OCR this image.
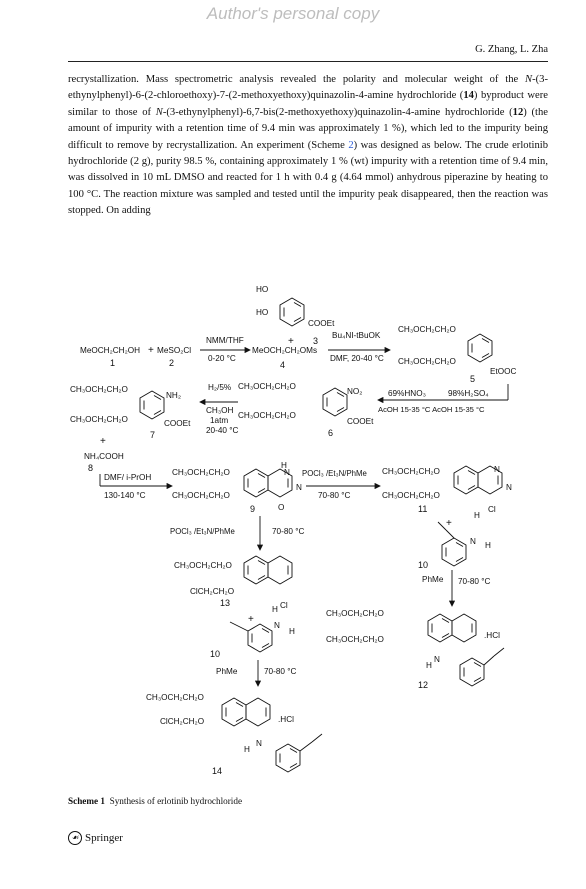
Author's personal copy
G. Zhang, L. Zha

recrystallization. Mass spectrometric analysis revealed the polarity and molecular weight of the N-(3-ethynylphenyl)-6-(2-chloroethoxy)-7-(2-methoxyethoxy)quinazolin-4-amine hydrochloride (14) byproduct were similar to those of N-(3-ethynylphenyl)-6,7-bis(2-methoxyethoxy)quinazolin-4-amine hydrochloride (12) (the amount of impurity with a retention time of 9.4 min was approximately 1 %), which led to the impurity being difficult to remove by recrystallization. An experiment (Scheme 2) was designed as below. The crude erlotinib hydrochloride (2 g), purity 98.5 %, containing approximately 1 % (wt) impurity with a retention time of 9.4 min, was dissolved in 10 mL DMSO and reacted for 1 h with 0.4 g (4.64 mmol) anhydrous piperazine by heating to 100 °C. The reaction mixture was sampled and tested until the impurity peak disappeared, then the reaction was stopped. On adding

HO
HO
COOEt
+ 3
MeOCH₂CH₂OH + MeSO₂Cl
1	2
NMM/THF
0-20 °C
MeOCH₂CH₂OMs
4
Bu₄NI-tBuOK
DMF, 20-40 °C
CH₃OCH₂CH₂O
CH₃OCH₂CH₂O
EtOOC
5
69%HNO₃	98%H₂SO₄
AcOH 15-35 °C AcOH 15-35 °C
CH₃OCH₂CH₂O
CH₃OCH₂CH₂O
NO₂
COOEt
6
H₂/5%
CH₃OH
1atm
20-40 °C
CH₃OCH₂CH₂O
CH₃OCH₂CH₂O
NH₂
COOEt
7
+
NH₄COOH
8
DMF/ i-PrOH
130-140 °C
CH₃OCH₂CH₂O
CH₃OCH₂CH₂O
H
N
N
O
9
POCl₃ /Et₃N/PhMe
70-80 °C
CH₃OCH₂CH₂O
CH₃OCH₂CH₂O
N
N
Cl
11
+
N
H
H
10
PhMe 70-80 °C
CH₃OCH₂CH₂O
CH₃OCH₂CH₂O	.HCl
H
N
12
POCl₃ /Et₃N/PhMe	70-80 °C
CH₃OCH₂CH₂O
ClCH₂CH₂O
Cl
13
+
N
H
H
10
PhMe	70-80 °C
CH₃OCH₂CH₂O
ClCH₂CH₂O	.HCl
H
N
14
Scheme 1 Synthesis of erlotinib hydrochloride
☙ Springer
